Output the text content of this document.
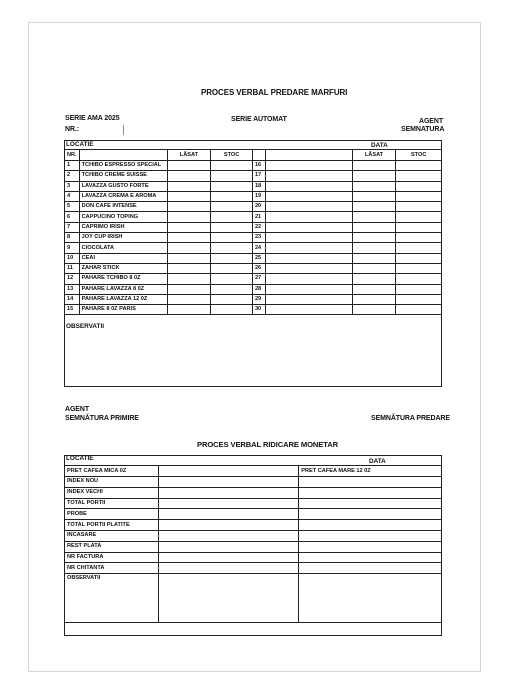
PROCES VERBAL PREDARE MARFURI
SERIE AMA 2025
NR.:
SERIE AUTOMAT	AGENT
SEMNATURA
LOCATIE	DATA
NR.		LĂSAT	STOC			LĂSAT	STOC
1	TCHIBO ESPRESSO SPECIAL			16			
2	TCHIBO CREME SUISSE			17			
3	LAVAZZA GUSTO FORTE			18			
4	LAVAZZA CREMA E AROMA			19			
5	DON CAFE INTENSE			20			
6	CAPPUCINO TOPING			21			
7	CAPRIMO IRISH			22			
8	JOY CUP IRISH			23			
9	CIOCOLATA			24			
10	CEAI			25			
11	ZAHAR STICK			26			
12	PAHARE TCHIBO 8 0Z			27			
13	PAHARE LAVAZZA 8 0Z			28			
14	PAHARE LAVAZZA 12 0Z			29			
15	PAHARE 8 0Z PARIS			30			
OBSERVATII
AGENT
SEMNĂTURA PRIMIRE	SEMNĂTURA PREDARE
PROCES VERBAL RIDICARE MONETAR
LOCATIE	DATA
PRET CAFEA MICA 0Z		PRET CAFEA MARE 12 0Z
INDEX NOU		
INDEX VECHI		
TOTAL PORTII		
PROBE		
TOTAL PORTII PLATITE		
INCASARE		
REST PLATA		
NR FACTURA		
NR CHITANTA		
OBSERVATII		
